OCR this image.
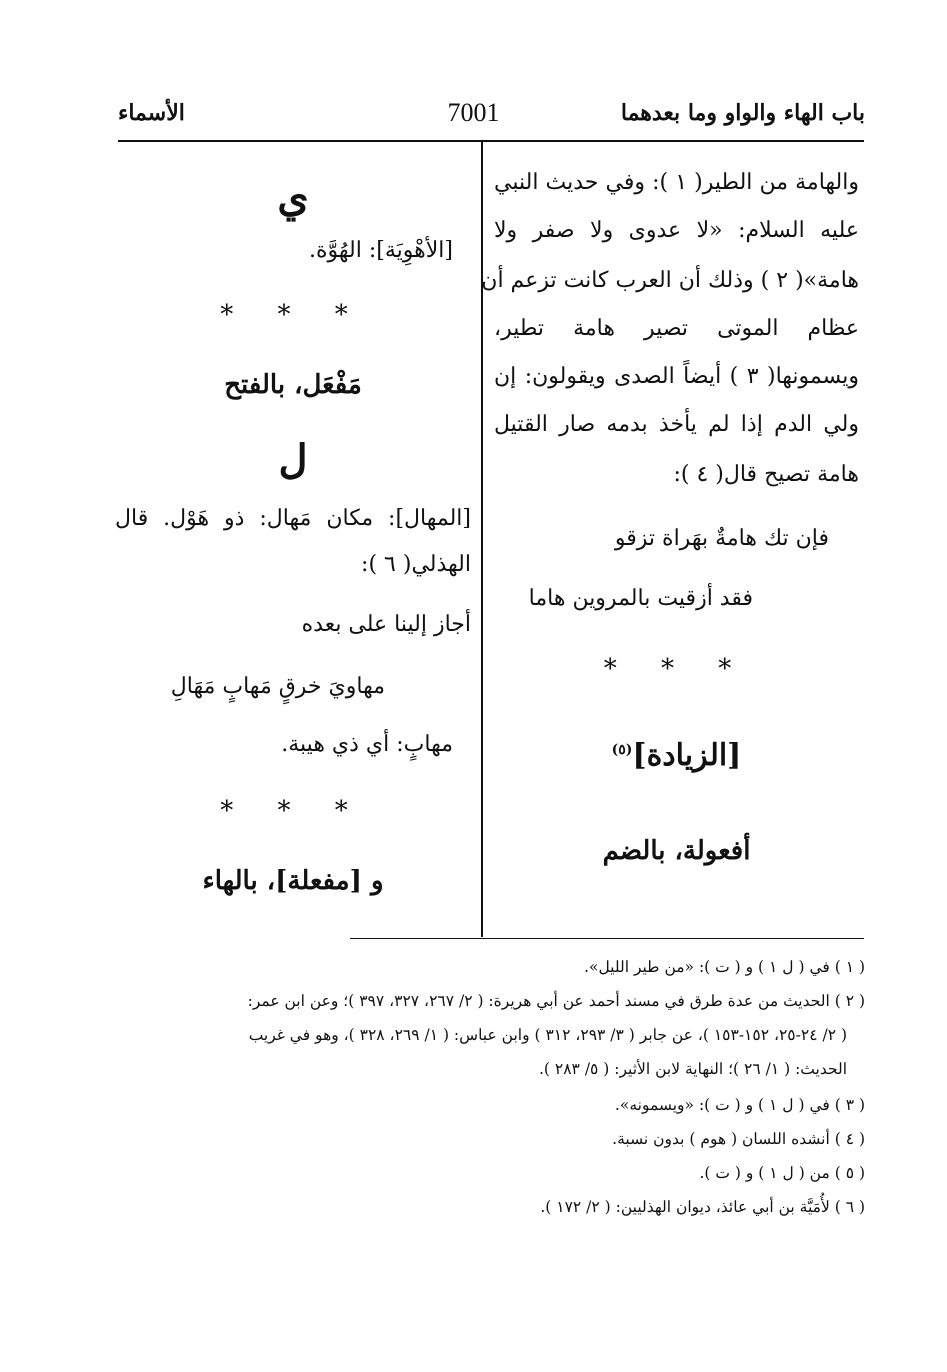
باب الهاء والواو وما بعدهما
7001
الأسماء
والهامة من الطير( ١ ): وفي حديث النبي
عليه السلام: «لا عدوى ولا صفر ولا
هامة»( ٢ ) وذلك أن العرب كانت تزعم أن
عظام الموتى تصير هامة تطير،
ويسمونها( ٣ ) أيضاً الصدى ويقولون: إن
ولي الدم إذا لم يأخذ بدمه صار القتيل
هامة تصيح قال( ٤ ):
فإن تك هامةٌ بهَراة تزقو
فقد أزقيت بالمروين هاما
* * *
[الزيادة]$^{(٥)}$
أفعولة، بالضم
ي
[الأهْوِيَة]: الهُوَّة.
* * *
مَفْعَل، بالفتح
ل
[المهال]: مكان مَهال: ذو هَوْل. قال
الهذلي( ٦ ):
أجاز إلينا على بعده
مهاويَ خرقٍ مَهابٍ مَهَالِ
مهابٍ: أي ذي هيبة.
* * *
و [مفعلة]، بالهاء
( ١ ) في ( ل ١ ) و ( ت ): «من طير الليل».
( ٢ ) الحديث من عدة طرق في مسند أحمد عن أبي هريرة: ( ٢/ ٢٦٧، ٣٢٧، ٣٩٧ )؛ وعن ابن عمر:
( ٢/ ٢٤-٢٥، ١٥٢-١٥٣ )، عن جابر ( ٣/ ٢٩٣، ٣١٢ ) وابن عباس: ( ١/ ٢٦٩، ٣٢٨ )، وهو في غريب
الحديث: ( ١/ ٢٦ )؛ النهاية لابن الأثير: ( ٥/ ٢٨٣ ).
( ٣ ) في ( ل ١ ) و ( ت ): «ويسمونه».
( ٤ ) أنشده اللسان ( هوم ) بدون نسبة.
( ٥ ) من ( ل ١ ) و ( ت ).
( ٦ ) لأُمَيَّة بن أبي عائذ، ديوان الهذليين: ( ٢/ ١٧٢ ).
